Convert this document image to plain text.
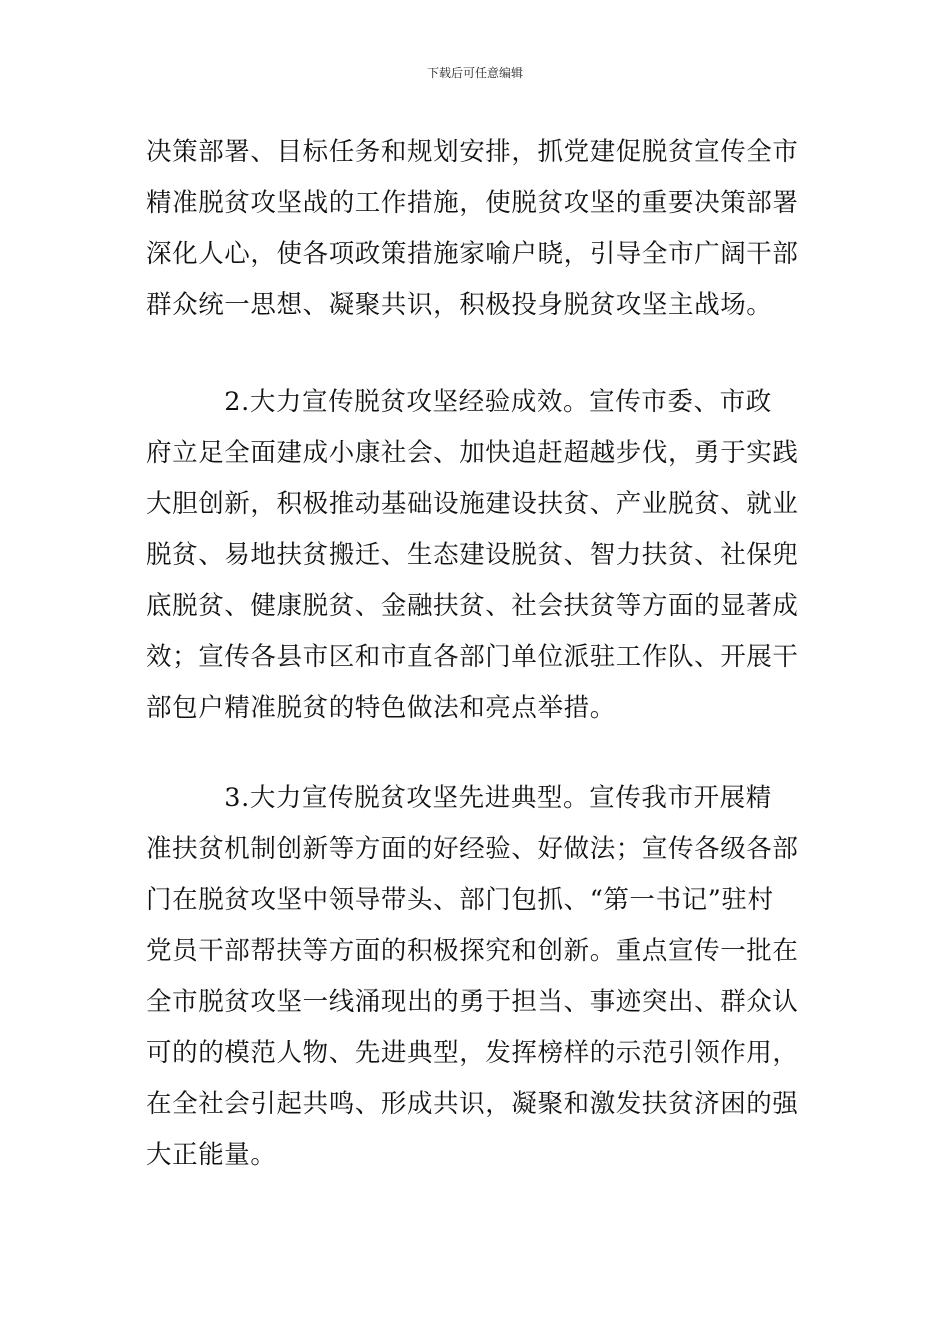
下载后可任意编辑
决策部署、目标任务和规划安排，抓党建促脱贫宣传全市
精准脱贫攻坚战的工作措施，使脱贫攻坚的重要决策部署
深化人心，使各项政策措施家喻户晓，引导全市广阔干部
群众统一思想、凝聚共识，积极投身脱贫攻坚主战场。
　　　2.大力宣传脱贫攻坚经验成效。宣传市委、市政
府立足全面建成小康社会、加快追赶超越步伐，勇于实践
大胆创新，积极推动基础设施建设扶贫、产业脱贫、就业
脱贫、易地扶贫搬迁、生态建设脱贫、智力扶贫、社保兜
底脱贫、健康脱贫、金融扶贫、社会扶贫等方面的显著成
效；宣传各县市区和市直各部门单位派驻工作队、开展干
部包户精准脱贫的特色做法和亮点举措。
　　　3.大力宣传脱贫攻坚先进典型。宣传我市开展精
准扶贫机制创新等方面的好经验、好做法；宣传各级各部
门在脱贫攻坚中领导带头、部门包抓、“第一书记”驻村
党员干部帮扶等方面的积极探究和创新。重点宣传一批在
全市脱贫攻坚一线涌现出的勇于担当、事迹突出、群众认
可的的模范人物、先进典型，发挥榜样的示范引领作用，
在全社会引起共鸣、形成共识，凝聚和激发扶贫济困的强
大正能量。
